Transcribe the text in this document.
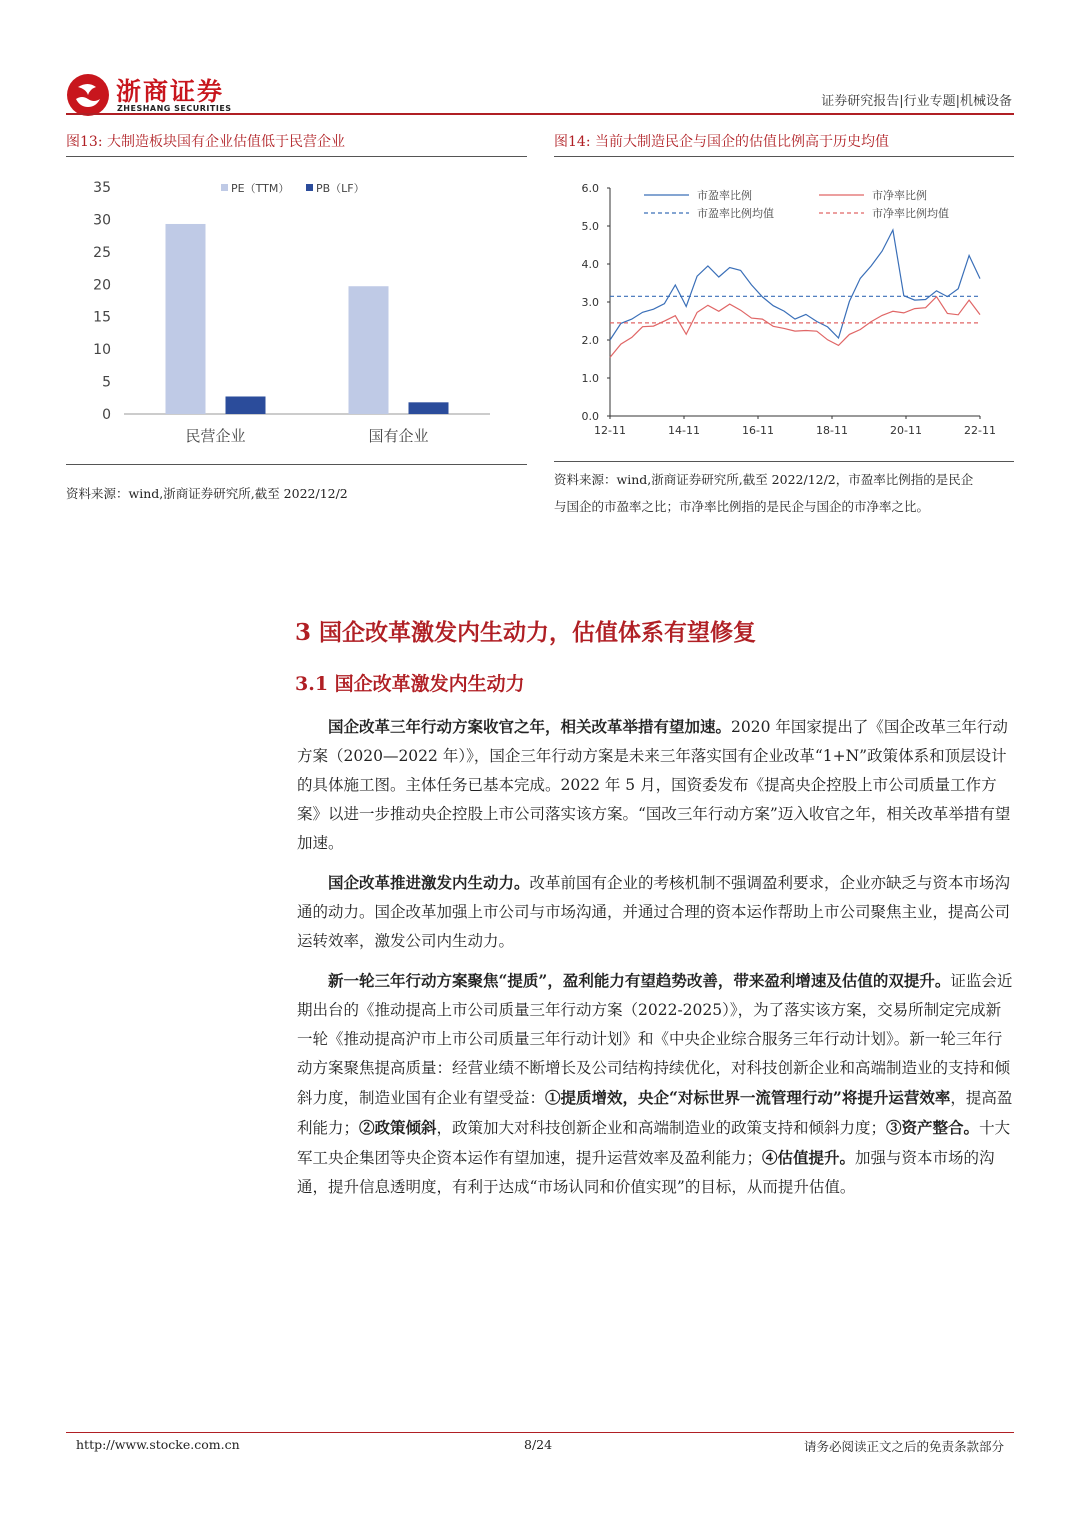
浙商证券
ZHESHANG SECURITIES	证券研究报告|行业专题|机械设备
图13: 大制造板块国有企业估值低于民营企业
0
5
10
15
20
25
30
35
民营企业	国有企业
PE（TTM） PB（LF）
资料来源：wind,浙商证券研究所,截至 2022/12/2
图14: 当前大制造民企与国企的估值比例高于历史均值
0.0
1.0
2.0
3.0
4.0
5.0
6.0
12-11	14-11	16-11	18-11	20-11	22-11
市盈率比例	市净率比例
市盈率比例均值	市净率比例均值
资料来源：wind,浙商证券研究所,截至 2022/12/2，市盈率比例指的是民企
与国企的市盈率之比；市净率比例指的是民企与国企的市净率之比。
3 国企改革激发内生动力，估值体系有望修复
3.1 国企改革激发内生动力

国企改革三年行动方案收官之年，相关改革举措有望加速。2020 年国家提出了《国企改革三年行动方案（2020—2022 年）》，国企三年行动方案是未来三年落实国有企业改革“1+N”政策体系和顶层设计的具体施工图。主体任务已基本完成。2022 年 5 月，国资委发布《提高央企控股上市公司质量工作方案》以进一步推动央企控股上市公司落实该方案。“国改三年行动方案”迈入收官之年，相关改革举措有望加速。

国企改革推进激发内生动力。改革前国有企业的考核机制不强调盈利要求，企业亦缺乏与资本市场沟通的动力。国企改革加强上市公司与市场沟通，并通过合理的资本运作帮助上市公司聚焦主业，提高公司运转效率，激发公司内生动力。

新一轮三年行动方案聚焦“提质”，盈利能力有望趋势改善，带来盈利增速及估值的双提升。证监会近期出台的《推动提高上市公司质量三年行动方案（2022-2025）》，为了落实该方案，交易所制定完成新一轮《推动提高沪市上市公司质量三年行动计划》和《中央企业综合服务三年行动计划》。新一轮三年行动方案聚焦提高质量：经营业绩不断增长及公司结构持续优化，对科技创新企业和高端制造业的支持和倾斜力度，制造业国有企业有望受益：①提质增效，央企“对标世界一流管理行动”将提升运营效率，提高盈利能力；②政策倾斜，政策加大对科技创新企业和高端制造业的政策支持和倾斜力度；③资产整合。十大军工央企集团等央企资本运作有望加速，提升运营效率及盈利能力；④估值提升。加强与资本市场的沟通，提升信息透明度，有利于达成“市场认同和价值实现”的目标，从而提升估值。

http://www.stocke.com.cn	8/24	请务必阅读正文之后的免责条款部分
